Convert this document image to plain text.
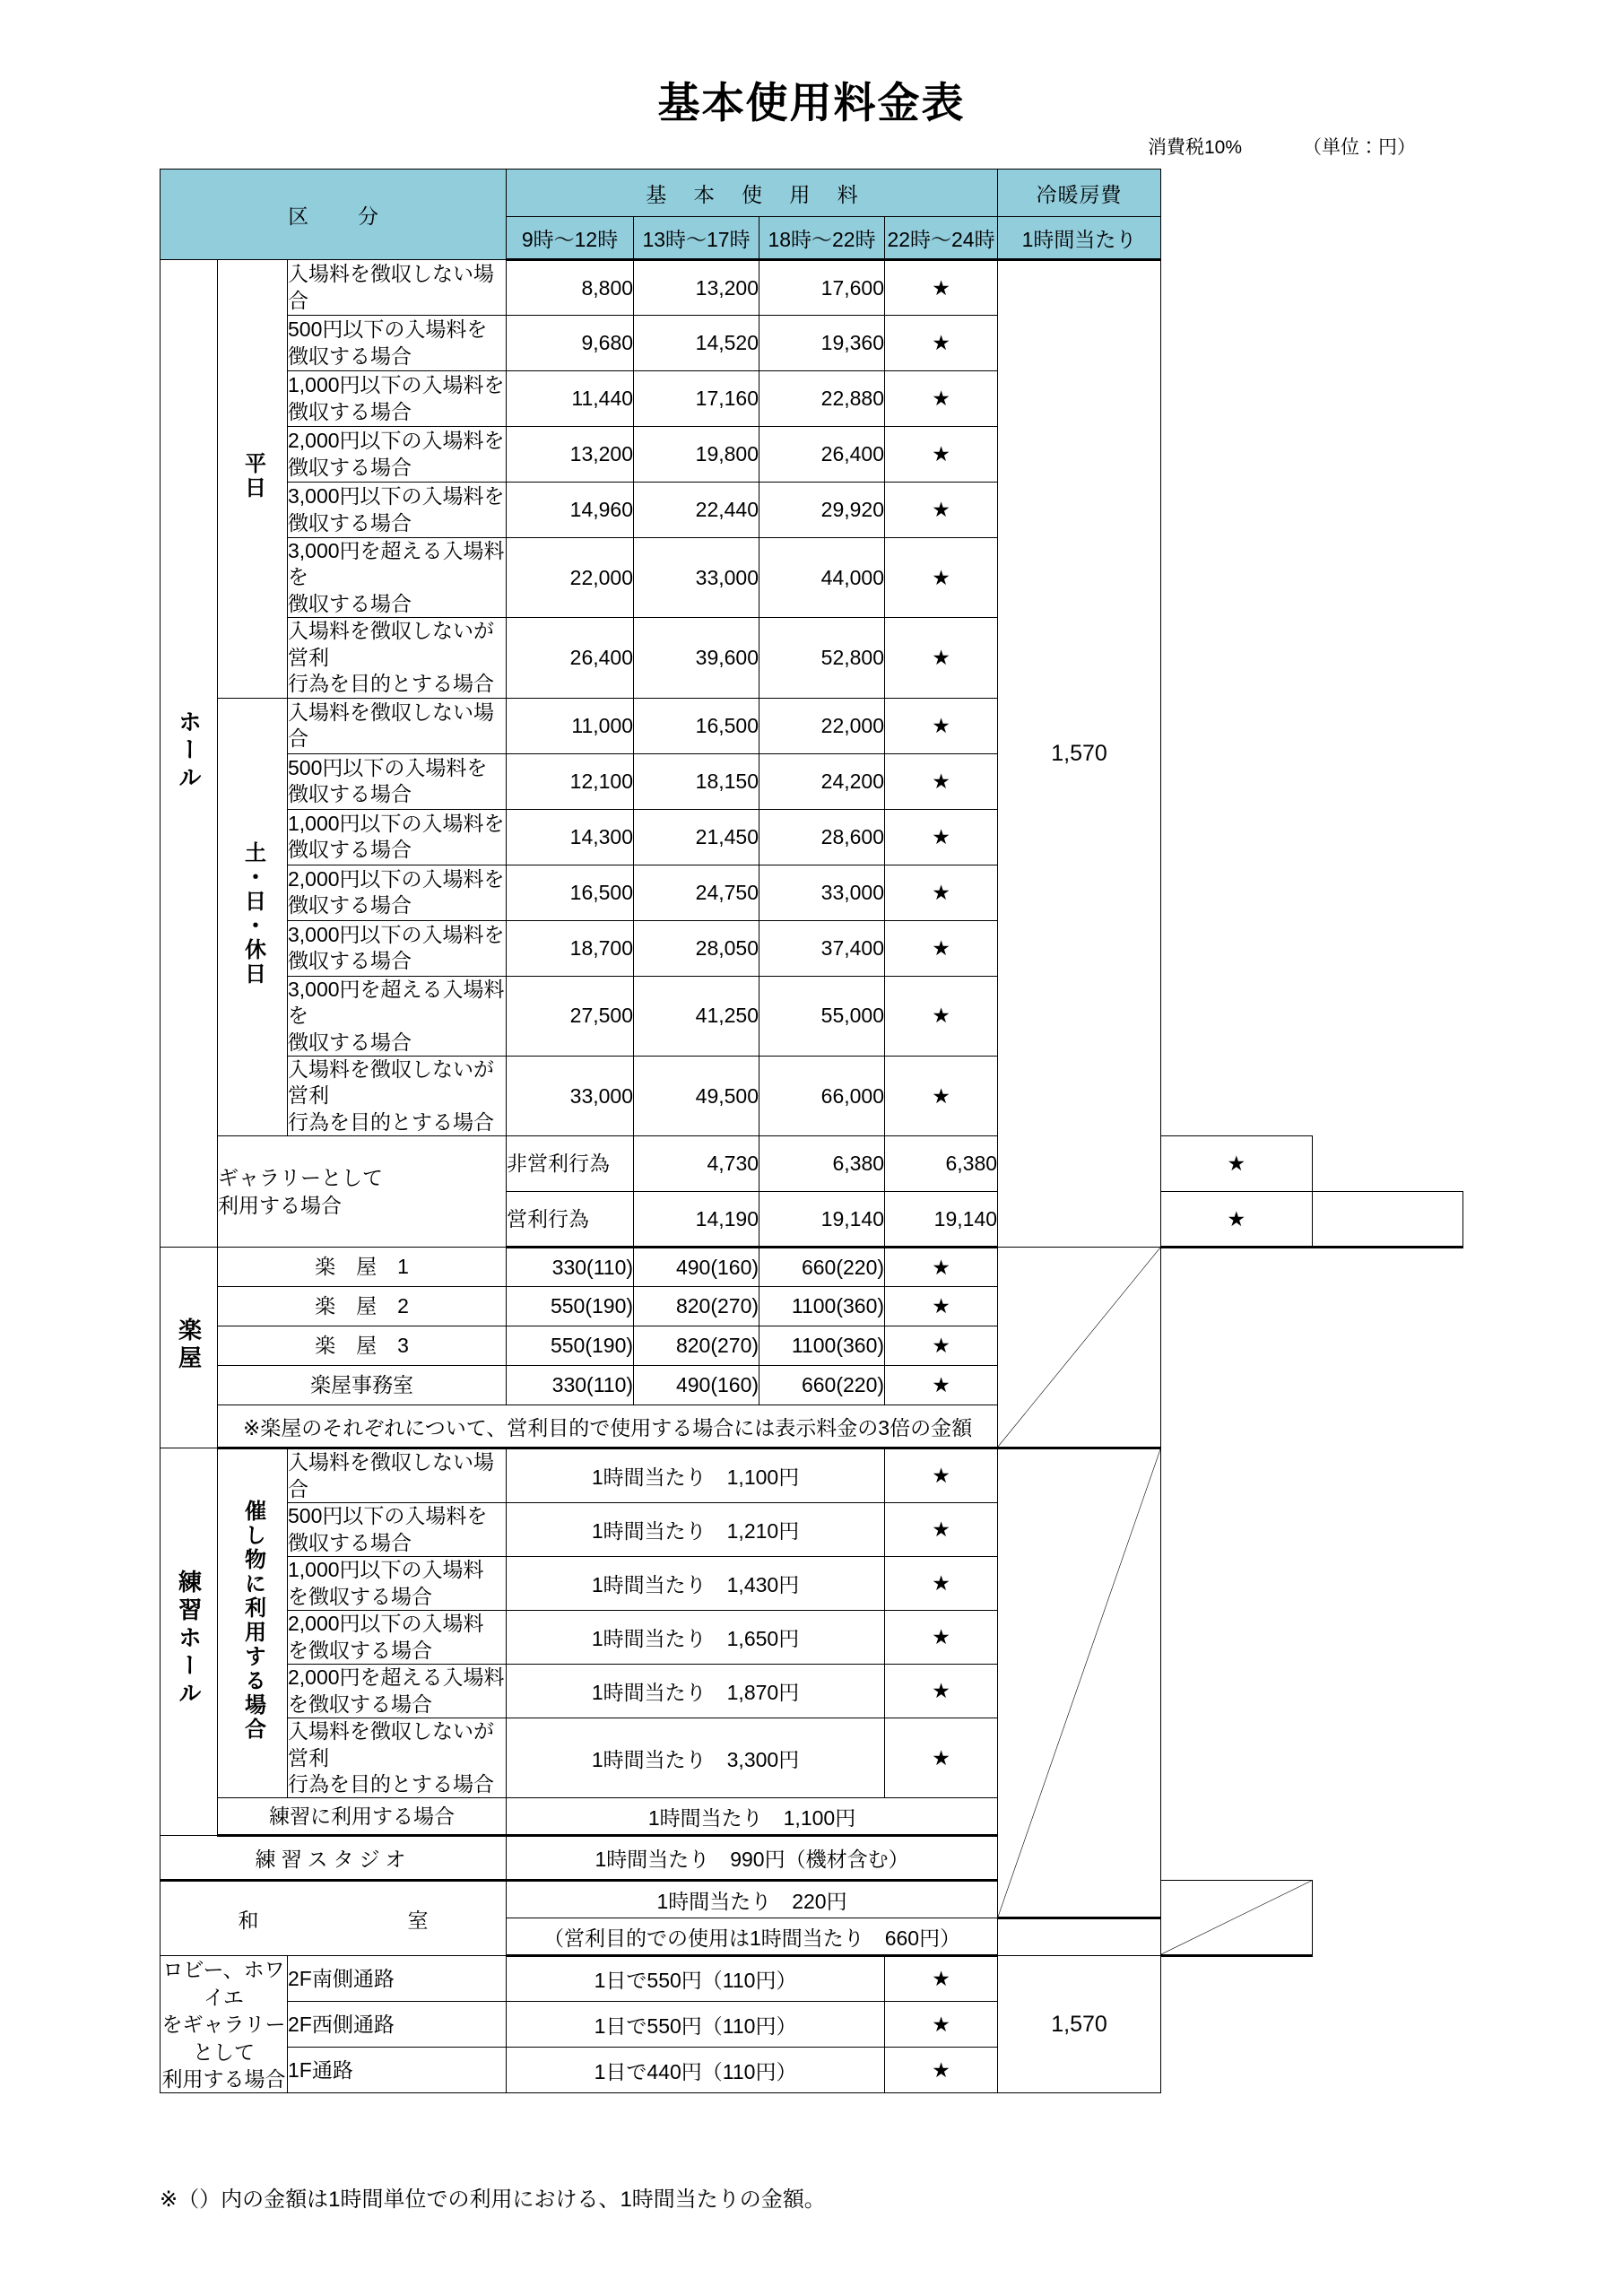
基本使用料金表
消費税10%	（単位：円）
区　分			基 本 使 用 料				冷暖房費		
			9時〜12時	13時〜17時	18時〜22時	22時〜24時	1時間当たり		
ホール	平日	入場料を徴収しない場合	8,800	13,200	17,600	★	1,570		
		500円以下の入場料を
徴収する場合	9,680	14,520	19,360	★			
		1,000円以下の入場料を
徴収する場合	11,440	17,160	22,880	★			
		2,000円以下の入場料を
徴収する場合	13,200	19,800	26,400	★			
		3,000円以下の入場料を
徴収する場合	14,960	22,440	29,920	★			
		3,000円を超える入場料を
徴収する場合	22,000	33,000	44,000	★			
		入場料を徴収しないが営利
行為を目的とする場合	26,400	39,600	52,800	★			
	土・日・休日	入場料を徴収しない場合	11,000	16,500	22,000	★			
		500円以下の入場料を
徴収する場合	12,100	18,150	24,200	★			
		1,000円以下の入場料を
徴収する場合	14,300	21,450	28,600	★			
		2,000円以下の入場料を
徴収する場合	16,500	24,750	33,000	★			
		3,000円以下の入場料を
徴収する場合	18,700	28,050	37,400	★			
		3,000円を超える入場料を
徴収する場合	27,500	41,250	55,000	★			
		入場料を徴収しないが営利
行為を目的とする場合	33,000	49,500	66,000	★			
	ギャラリーとして
利用する場合		非営利行為	4,730	6,380	6,380		★	
			営利行為	14,190	19,140	19,140		★	
楽屋	楽　屋　1		330(110)	490(160)	660(220)	★	

	楽　屋　2		550(190)	820(270)	1100(360)	★			
	楽　屋　3		550(190)	820(270)	1100(360)	★			
	楽屋事務室		330(110)	490(160)	660(220)	★			
	※楽屋のそれぞれについて、営利目的で使用する場合には表示料金の3倍の金額								
練習ホール	催し物に利用する場合	入場料を徴収しない場合	1時間当たり　1,100円			★	

		500円以下の入場料を
徴収する場合	1時間当たり　1,210円			★			
		1,000円以下の入場料
を徴収する場合	1時間当たり　1,430円			★			
		2,000円以下の入場料
を徴収する場合	1時間当たり　1,650円			★			
		2,000円を超える入場料
を徴収する場合	1時間当たり　1,870円			★			
		入場料を徴収しないが営利
行為を目的とする場合	1時間当たり　3,300円			★			
	練習に利用する場合		1時間当たり　1,100円						
練習スタジオ			1時間当たり　990円（機材含む）						
和　　室			1時間当たり　220円	

			（営利目的での使用は1時間当たり　660円）						
ロビー、ホワイエ
をギャラリーとして
利用する場合		2F南側通路	1日で550円（110円）			★	1,570		
		2F西側通路	1日で550円（110円）			★			
		1F通路	1日で440円（110円）			★			
※（）内の金額は1時間単位での利用における、1時間当たりの金額。
